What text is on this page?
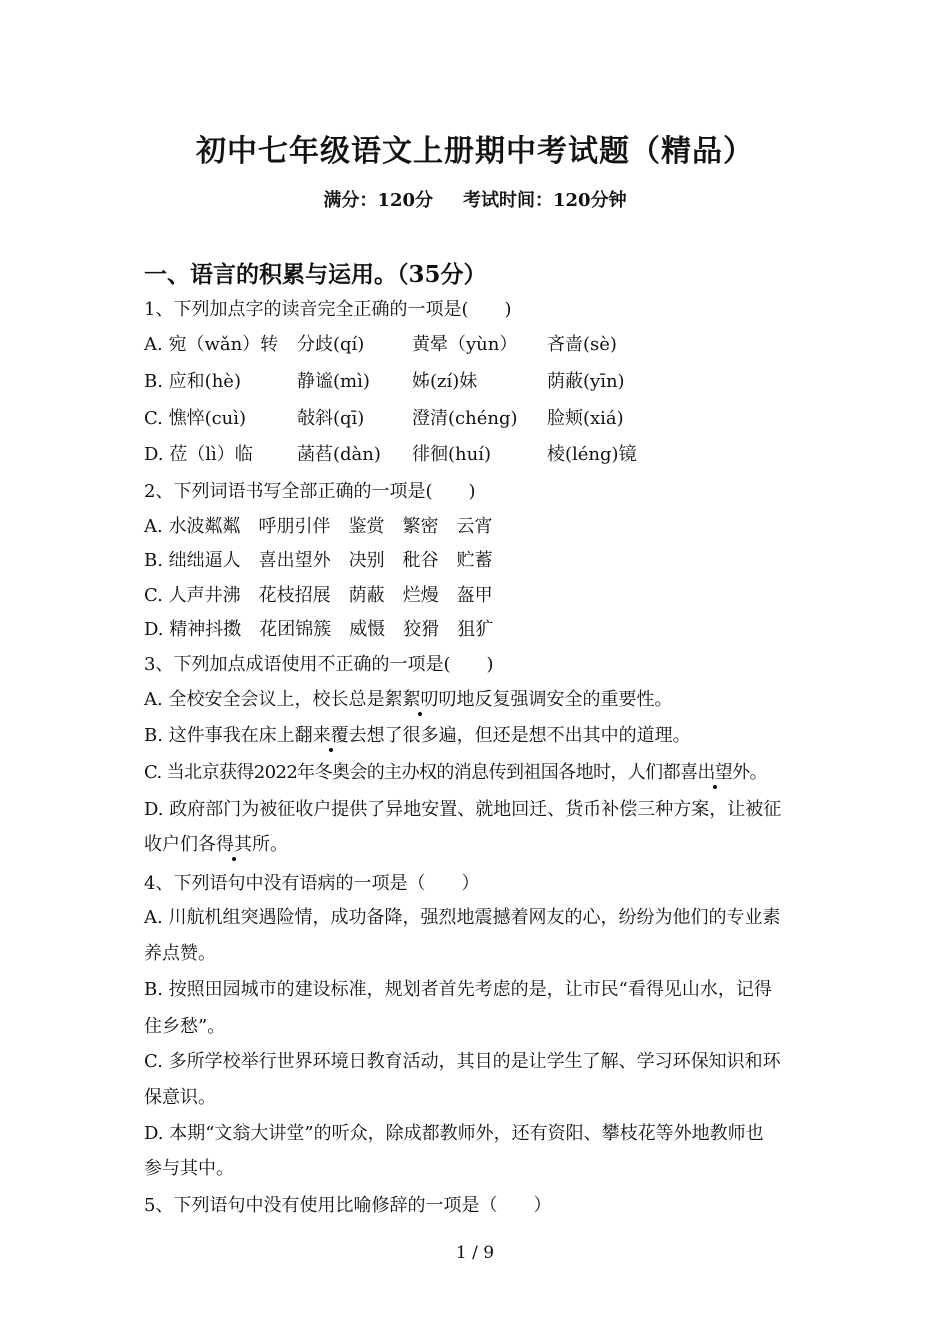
初中七年级语文上册期中考试题（精品）
满分：120分 考试时间：120分钟
一、语言的积累与运用。（35分）
1、下列加点字的读音完全正确的一项是(　　)
A. 宛（wǎn）转 分歧(qí)	黄晕（yùn） 吝啬(sè)
B. 应和(hè)	静谧(mì) 姊(zí)妹	荫蔽(yīn)
C. 憔悴(cuì)	敧斜(qī)	澄清(chéng) 脸颊(xiá)
D. 莅（lì）临 菡萏(dàn) 徘徊(huí)	棱(léng)镜
2、下列词语书写全部正确的一项是(　　)
A. 水波粼粼　呼朋引伴　鉴赏　繁密　云宵
B. 绌绌逼人　喜出望外　决别　秕谷　贮蓄
C. 人声井沸　花枝招展　荫蔽　烂熳　盔甲
D. 精神抖擞　花团锦簇　威慑　狡猾　狙犷
3、下列加点成语使用不正确的一项是(　　)
A. 全校安全会议上，校长总是絮絮叨叨地反复强调安全的重要性。
B. 这件事我在床上翻来覆去想了很多遍，但还是想不出其中的道理。
C. 当北京获得2022年冬奥会的主办权的消息传到祖国各地时，人们都喜出望外。
D. 政府部门为被征收户提供了异地安置、就地回迁、货币补偿三种方案，让被征
收户们各得其所。
4、下列语句中没有语病的一项是（　　）
A. 川航机组突遇险情，成功备降，强烈地震撼着网友的心，纷纷为他们的专业素
养点赞。
B. 按照田园城市的建设标准，规划者首先考虑的是，让市民“看得见山水，记得
住乡愁”。
C. 多所学校举行世界环境日教育活动，其目的是让学生了解、学习环保知识和环
保意识。
D. 本期“文翁大讲堂”的听众，除成都教师外，还有资阳、攀枝花等外地教师也
参与其中。
5、下列语句中没有使用比喻修辞的一项是（　　）
1 / 9
